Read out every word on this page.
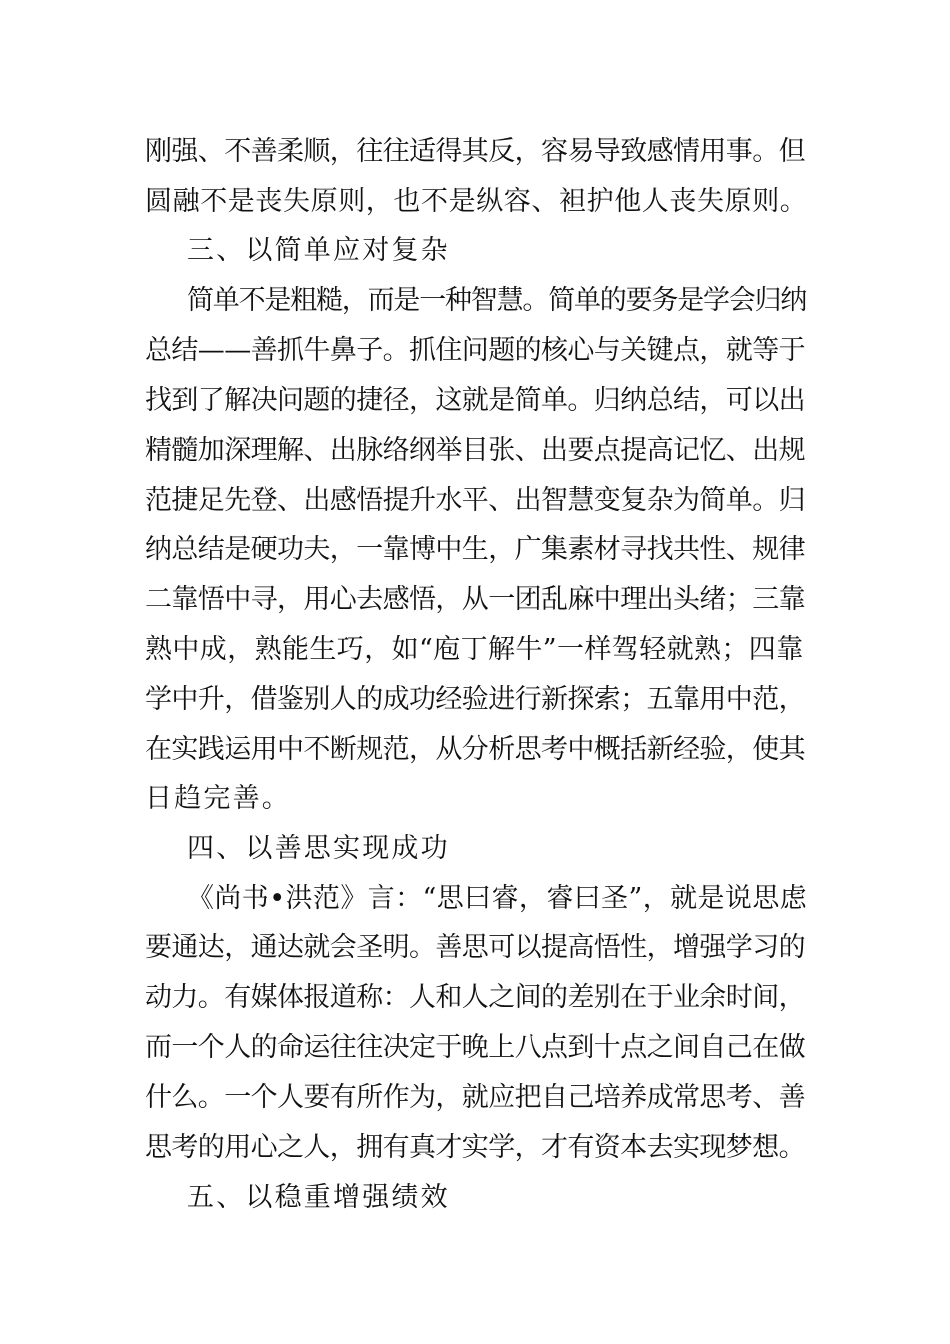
刚强、不善柔顺，往往适得其反，容易导致感情用事。但
圆融不是丧失原则，也不是纵容、袒护他人丧失原则。
三、以简单应对复杂
简单不是粗糙，而是一种智慧。简单的要务是学会归纳
总结——善抓牛鼻子。抓住问题的核心与关键点，就等于
找到了解决问题的捷径，这就是简单。归纳总结，可以出
精髓加深理解、出脉络纲举目张、出要点提高记忆、出规
范捷足先登、出感悟提升水平、出智慧变复杂为简单。归
纳总结是硬功夫，一靠博中生，广集素材寻找共性、规律
二靠悟中寻，用心去感悟，从一团乱麻中理出头绪；三靠
熟中成，熟能生巧，如“庖丁解牛”一样驾轻就熟；四靠
学中升，借鉴别人的成功经验进行新探索；五靠用中范，
在实践运用中不断规范，从分析思考中概括新经验，使其
日趋完善。
四、以善思实现成功
《尚书•洪范》言：“思曰睿，睿曰圣”，就是说思虑
要通达，通达就会圣明。善思可以提高悟性，增强学习的
动力。有媒体报道称：人和人之间的差别在于业余时间，
而一个人的命运往往决定于晚上八点到十点之间自己在做
什么。一个人要有所作为，就应把自己培养成常思考、善
思考的用心之人，拥有真才实学，才有资本去实现梦想。
五、以稳重增强绩效
